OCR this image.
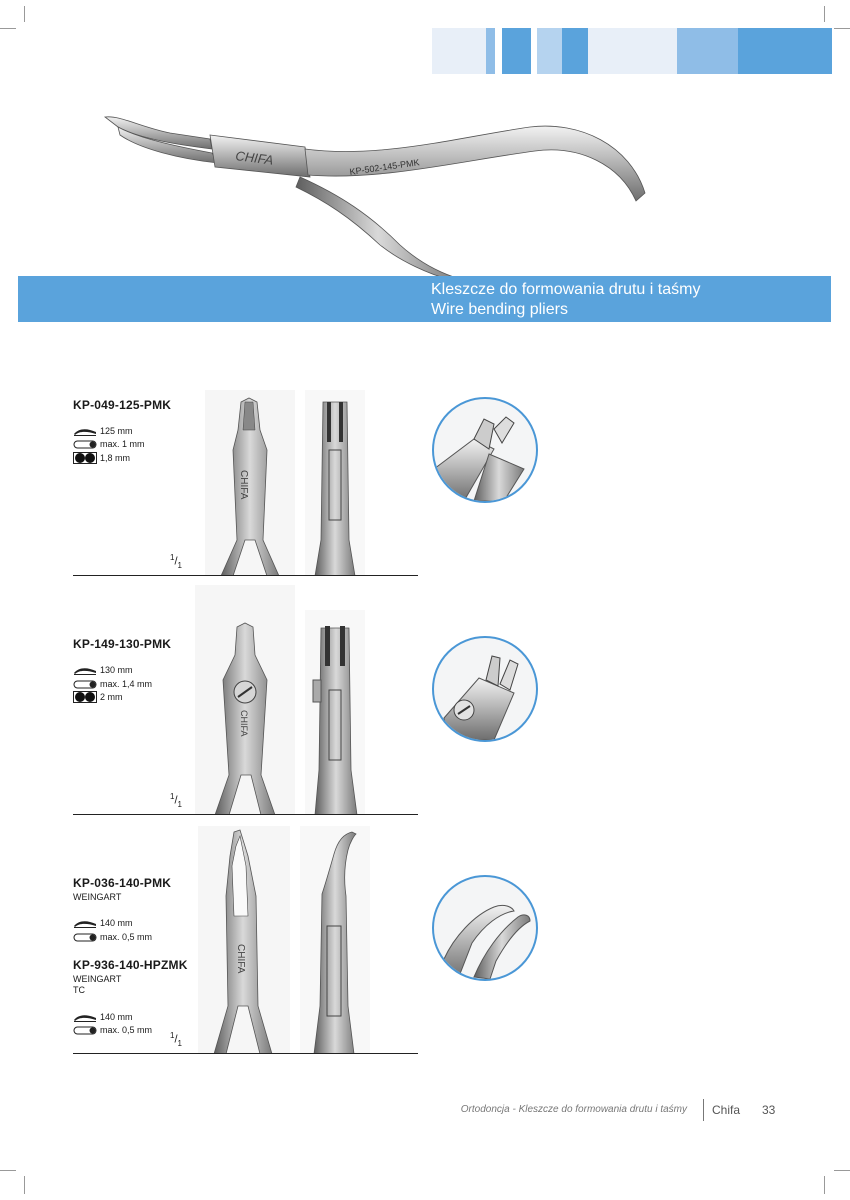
CHIFA	KP-502-145-PMK
Kleszcze do formowania drutu i taśmy
Wire bending pliers
KP-049-125-PMK
125 mm
max. 1 mm
1,8 mm
$^1/_1$
CHIFA
KP-149-130-PMK
130 mm
max. 1,4 mm
2 mm
$^1/_1$
CHIFA
KP-036-140-PMK
WEINGART
140 mm
max. 0,5 mm
KP-936-140-HPZMK
WEINGART
TC
140 mm
max. 0,5 mm
$^1/_1$
CHIFA
Ortodoncja - Kleszcze do formowania drutu i taśmy Chifa 33
